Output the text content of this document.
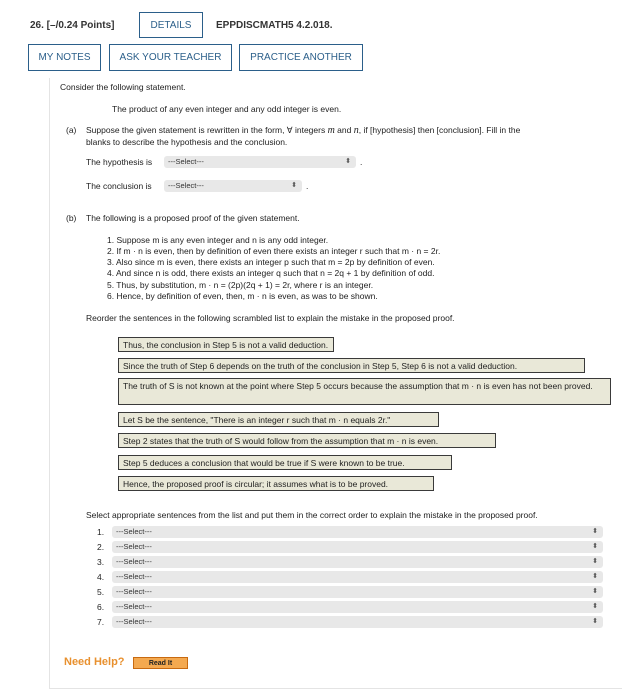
26. [–/0.24 Points]	DETAILS	EPPDISCMATH5 4.2.018.
MY NOTES	ASK YOUR TEACHER	PRACTICE ANOTHER
Consider the following statement.
The product of any even integer and any odd integer is even.
(a) Suppose the given statement is rewritten in the form, ∀ integers m and n, if [hypothesis] then [conclusion]. Fill in the
blanks to describe the hypothesis and the conclusion.
The hypothesis is	---Select---	⬍ .
The conclusion is	---Select---	⬍ .
(b) The following is a proposed proof of the given statement.
1. Suppose m is any even integer and n is any odd integer.
2. If m · n is even, then by definition of even there exists an integer r such that m · n = 2r.
3. Also since m is even, there exists an integer p such that m = 2p by definition of even.
4. And since n is odd, there exists an integer q such that n = 2q + 1 by definition of odd.
5. Thus, by substitution, m · n = (2p)(2q + 1) = 2r, where r is an integer.
6. Hence, by definition of even, then, m · n is even, as was to be shown.
Reorder the sentences in the following scrambled list to explain the mistake in the proposed proof.
Thus, the conclusion in Step 5 is not a valid deduction.
Since the truth of Step 6 depends on the truth of the conclusion in Step 5, Step 6 is not a valid deduction.
The truth of S is not known at the point where Step 5 occurs because the assumption that m · n is even has not been proved.
Let S be the sentence, "There is an integer r such that m · n equals 2r."
Step 2 states that the truth of S would follow from the assumption that m · n is even.
Step 5 deduces a conclusion that would be true if S were known to be true.
Hence, the proposed proof is circular; it assumes what is to be proved.
Select appropriate sentences from the list and put them in the correct order to explain the mistake in the proposed proof.
1.	---Select---	⬍
2.	---Select---	⬍
3.	---Select---	⬍
4.	---Select---	⬍
5.	---Select---	⬍
6.	---Select---	⬍
7.	---Select---	⬍
Need Help?	Read It
